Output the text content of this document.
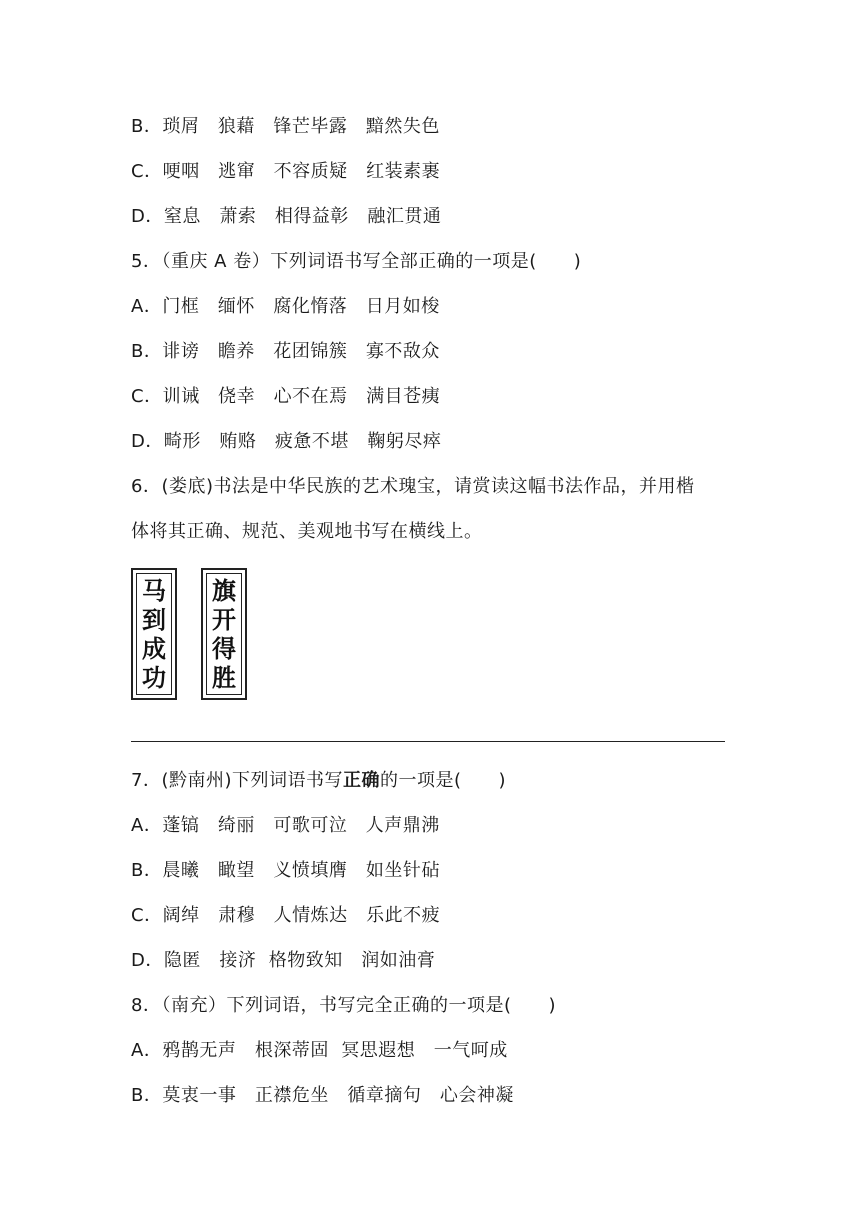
B．琐屑　狼藉　锋芒毕露　黯然失色
C．哽咽　逃窜　不容质疑　红装素裹
D．窒息　萧索　相得益彰　融汇贯通
5．（重庆 A 卷）下列词语书写全部正确的一项是(　　)
A．门框　缅怀　腐化惰落　日月如梭
B．诽谤　瞻养　花团锦簇　寡不敌众
C．训诫　侥幸　心不在焉　满目苍痍
D．畸形　贿赂　疲惫不堪　鞠躬尽瘁
6．(娄底)书法是中华民族的艺术瑰宝，请赏读这幅书法作品，并用楷
体将其正确、规范、美观地书写在横线上。
马
到
成
功
旗
开
得
胜
7．(黔南州)下列词语书写正确的一项是(　　)
A．蓬镐　绮丽　可歌可泣　人声鼎沸
B．晨曦　瞰望　义愤填膺　如坐针砧
C．阔绰　肃穆　人情炼达　乐此不疲
D．隐匿　接济  格物致知　润如油膏
8．（南充）下列词语，书写完全正确的一项是(　　)
A．鸦鹊无声　根深蒂固  冥思遐想　一气呵成
B．莫衷一事　正襟危坐　循章摘句　心会神凝
